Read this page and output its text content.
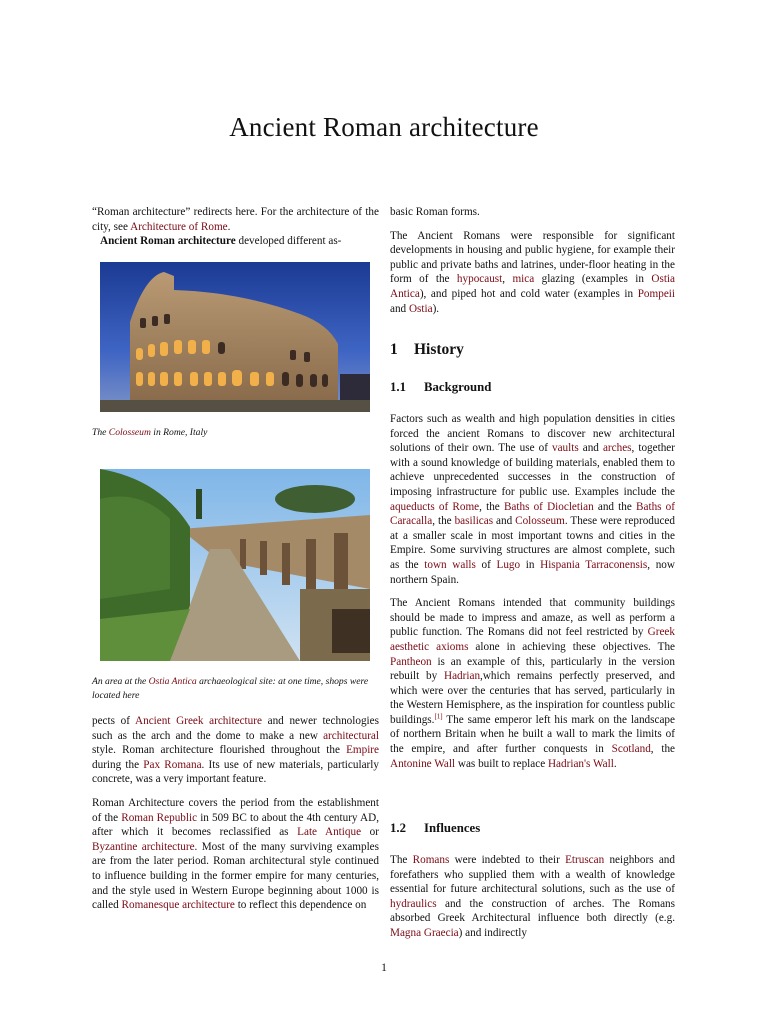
Ancient Roman architecture

“Roman architecture” redirects here. For the architecture of the city, see Architecture of Rome.

Ancient Roman architecture developed different as-

The Colosseum in Rome, Italy
An area at the Ostia Antica archaeological site: at one time, shops were located here

pects of Ancient Greek architecture and newer technologies such as the arch and the dome to make a new architectural style. Roman architecture flourished throughout the Empire during the Pax Romana. Its use of new materials, particularly concrete, was a very important feature.

Roman Architecture covers the period from the establishment of the Roman Republic in 509 BC to about the 4th century AD, after which it becomes reclassified as Late Antique or Byzantine architecture. Most of the many surviving examples are from the later period. Roman architectural style continued to influence building in the former empire for many centuries, and the style used in Western Europe beginning about 1000 is called Romanesque architecture to reflect this dependence on

basic Roman forms.

The Ancient Romans were responsible for significant developments in housing and public hygiene, for example their public and private baths and latrines, under-floor heating in the form of the hypocaust, mica glazing (examples in Ostia Antica), and piped hot and cold water (examples in Pompeii and Ostia).

1 History
1.1 Background

Factors such as wealth and high population densities in cities forced the ancient Romans to discover new architectural solutions of their own. The use of vaults and arches, together with a sound knowledge of building materials, enabled them to achieve unprecedented successes in the construction of imposing infrastructure for public use. Examples include the aqueducts of Rome, the Baths of Diocletian and the Baths of Caracalla, the basilicas and Colosseum. These were reproduced at a smaller scale in most important towns and cities in the Empire. Some surviving structures are almost complete, such as the town walls of Lugo in Hispania Tarraconensis, now northern Spain.

The Ancient Romans intended that community buildings should be made to impress and amaze, as well as perform a public function. The Romans did not feel restricted by Greek aesthetic axioms alone in achieving these objectives. The Pantheon is an example of this, particularly in the version rebuilt by Hadrian,which remains perfectly preserved, and which were over the centuries that has served, particularly in the Western Hemisphere, as the inspiration for countless public buildings.[1] The same emperor left his mark on the landscape of northern Britain when he built a wall to mark the limits of the empire, and after further conquests in Scotland, the Antonine Wall was built to replace Hadrian's Wall.

1.2 Influences

The Romans were indebted to their Etruscan neighbors and forefathers who supplied them with a wealth of knowledge essential for future architectural solutions, such as the use of hydraulics and the construction of arches. The Romans absorbed Greek Architectural influence both directly (e.g. Magna Graecia) and indirectly

1
